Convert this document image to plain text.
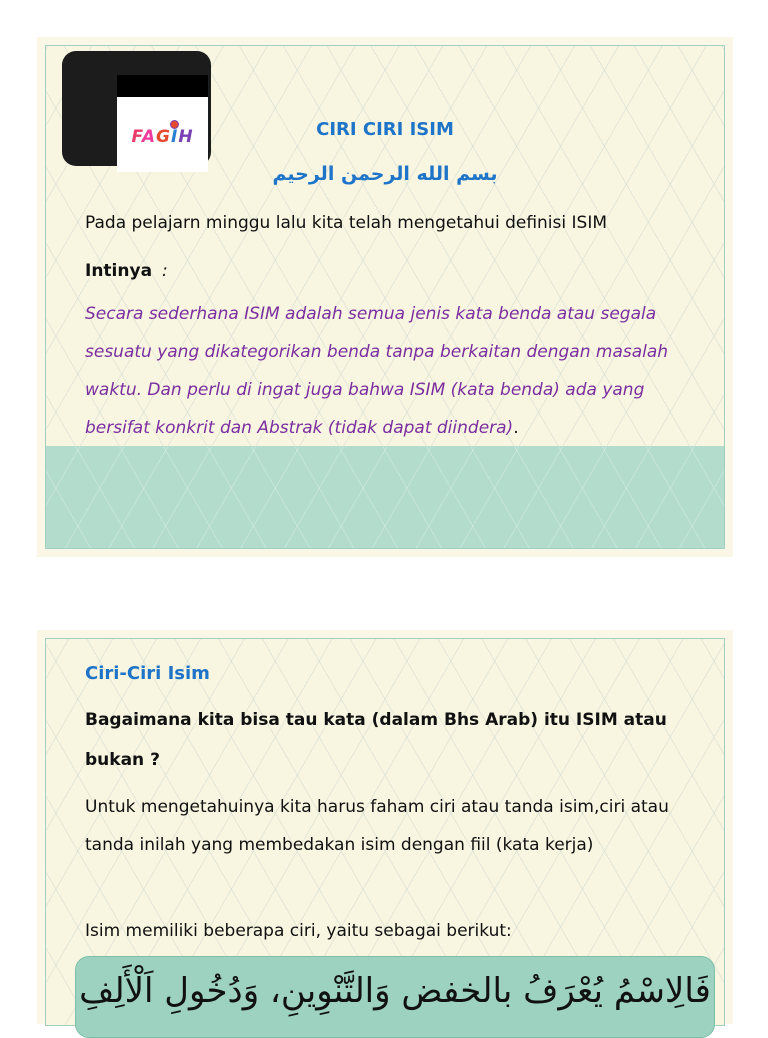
FAGIH	CIRI CIRI ISIM
بسم الله الرحمن الرحيم
Pada pelajarn minggu lalu kita telah mengetahui definisi ISIM
Intinya :
Secara sederhana ISIM adalah semua jenis kata benda atau segala sesuatu yang dikategorikan benda tanpa berkaitan dengan masalah waktu. Dan perlu di ingat juga bahwa ISIM (kata benda) ada yang bersifat konkrit dan Abstrak (tidak dapat diindera).
Ciri-Ciri Isim
Bagaimana kita bisa tau kata (dalam Bhs Arab) itu ISIM atau bukan ?
Untuk mengetahuinya kita harus faham ciri atau tanda isim,ciri atau tanda inilah yang membedakan isim dengan fiil (kata kerja)
Isim memiliki beberapa ciri, yaitu sebagai berikut:
فَالِاسْمُ يُعْرَفُ بالخفض وَالتَّنْوِينِ، وَدُخُولِ اَلْأَلِفِ
